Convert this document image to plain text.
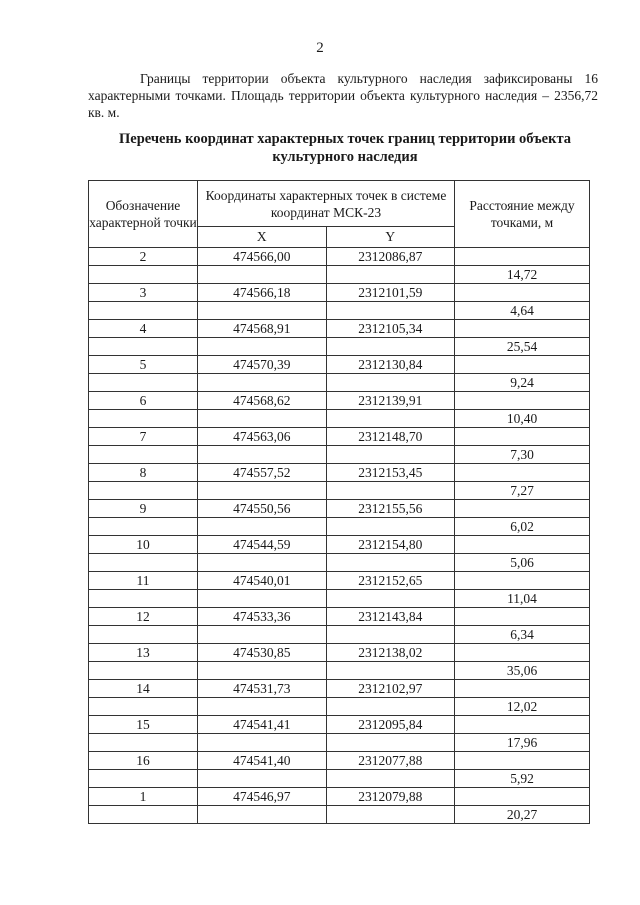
2

Границы территории объекта культурного наследия зафиксированы 16 характерными точками. Площадь территории объекта культурного наследия – 2356,72 кв. м.

Перечень координат характерных точек границ территории объекта культурного наследия
Обозначение характерной точки	Координаты характерных точек в системе координат МСК-23		Расстояние между точками, м
	X	Y	
2	474566,00	2312086,87	
			14,72
3	474566,18	2312101,59	
			4,64
4	474568,91	2312105,34	
			25,54
5	474570,39	2312130,84	
			9,24
6	474568,62	2312139,91	
			10,40
7	474563,06	2312148,70	
			7,30
8	474557,52	2312153,45	
			7,27
9	474550,56	2312155,56	
			6,02
10	474544,59	2312154,80	
			5,06
11	474540,01	2312152,65	
			11,04
12	474533,36	2312143,84	
			6,34
13	474530,85	2312138,02	
			35,06
14	474531,73	2312102,97	
			12,02
15	474541,41	2312095,84	
			17,96
16	474541,40	2312077,88	
			5,92
1	474546,97	2312079,88	
			20,27
